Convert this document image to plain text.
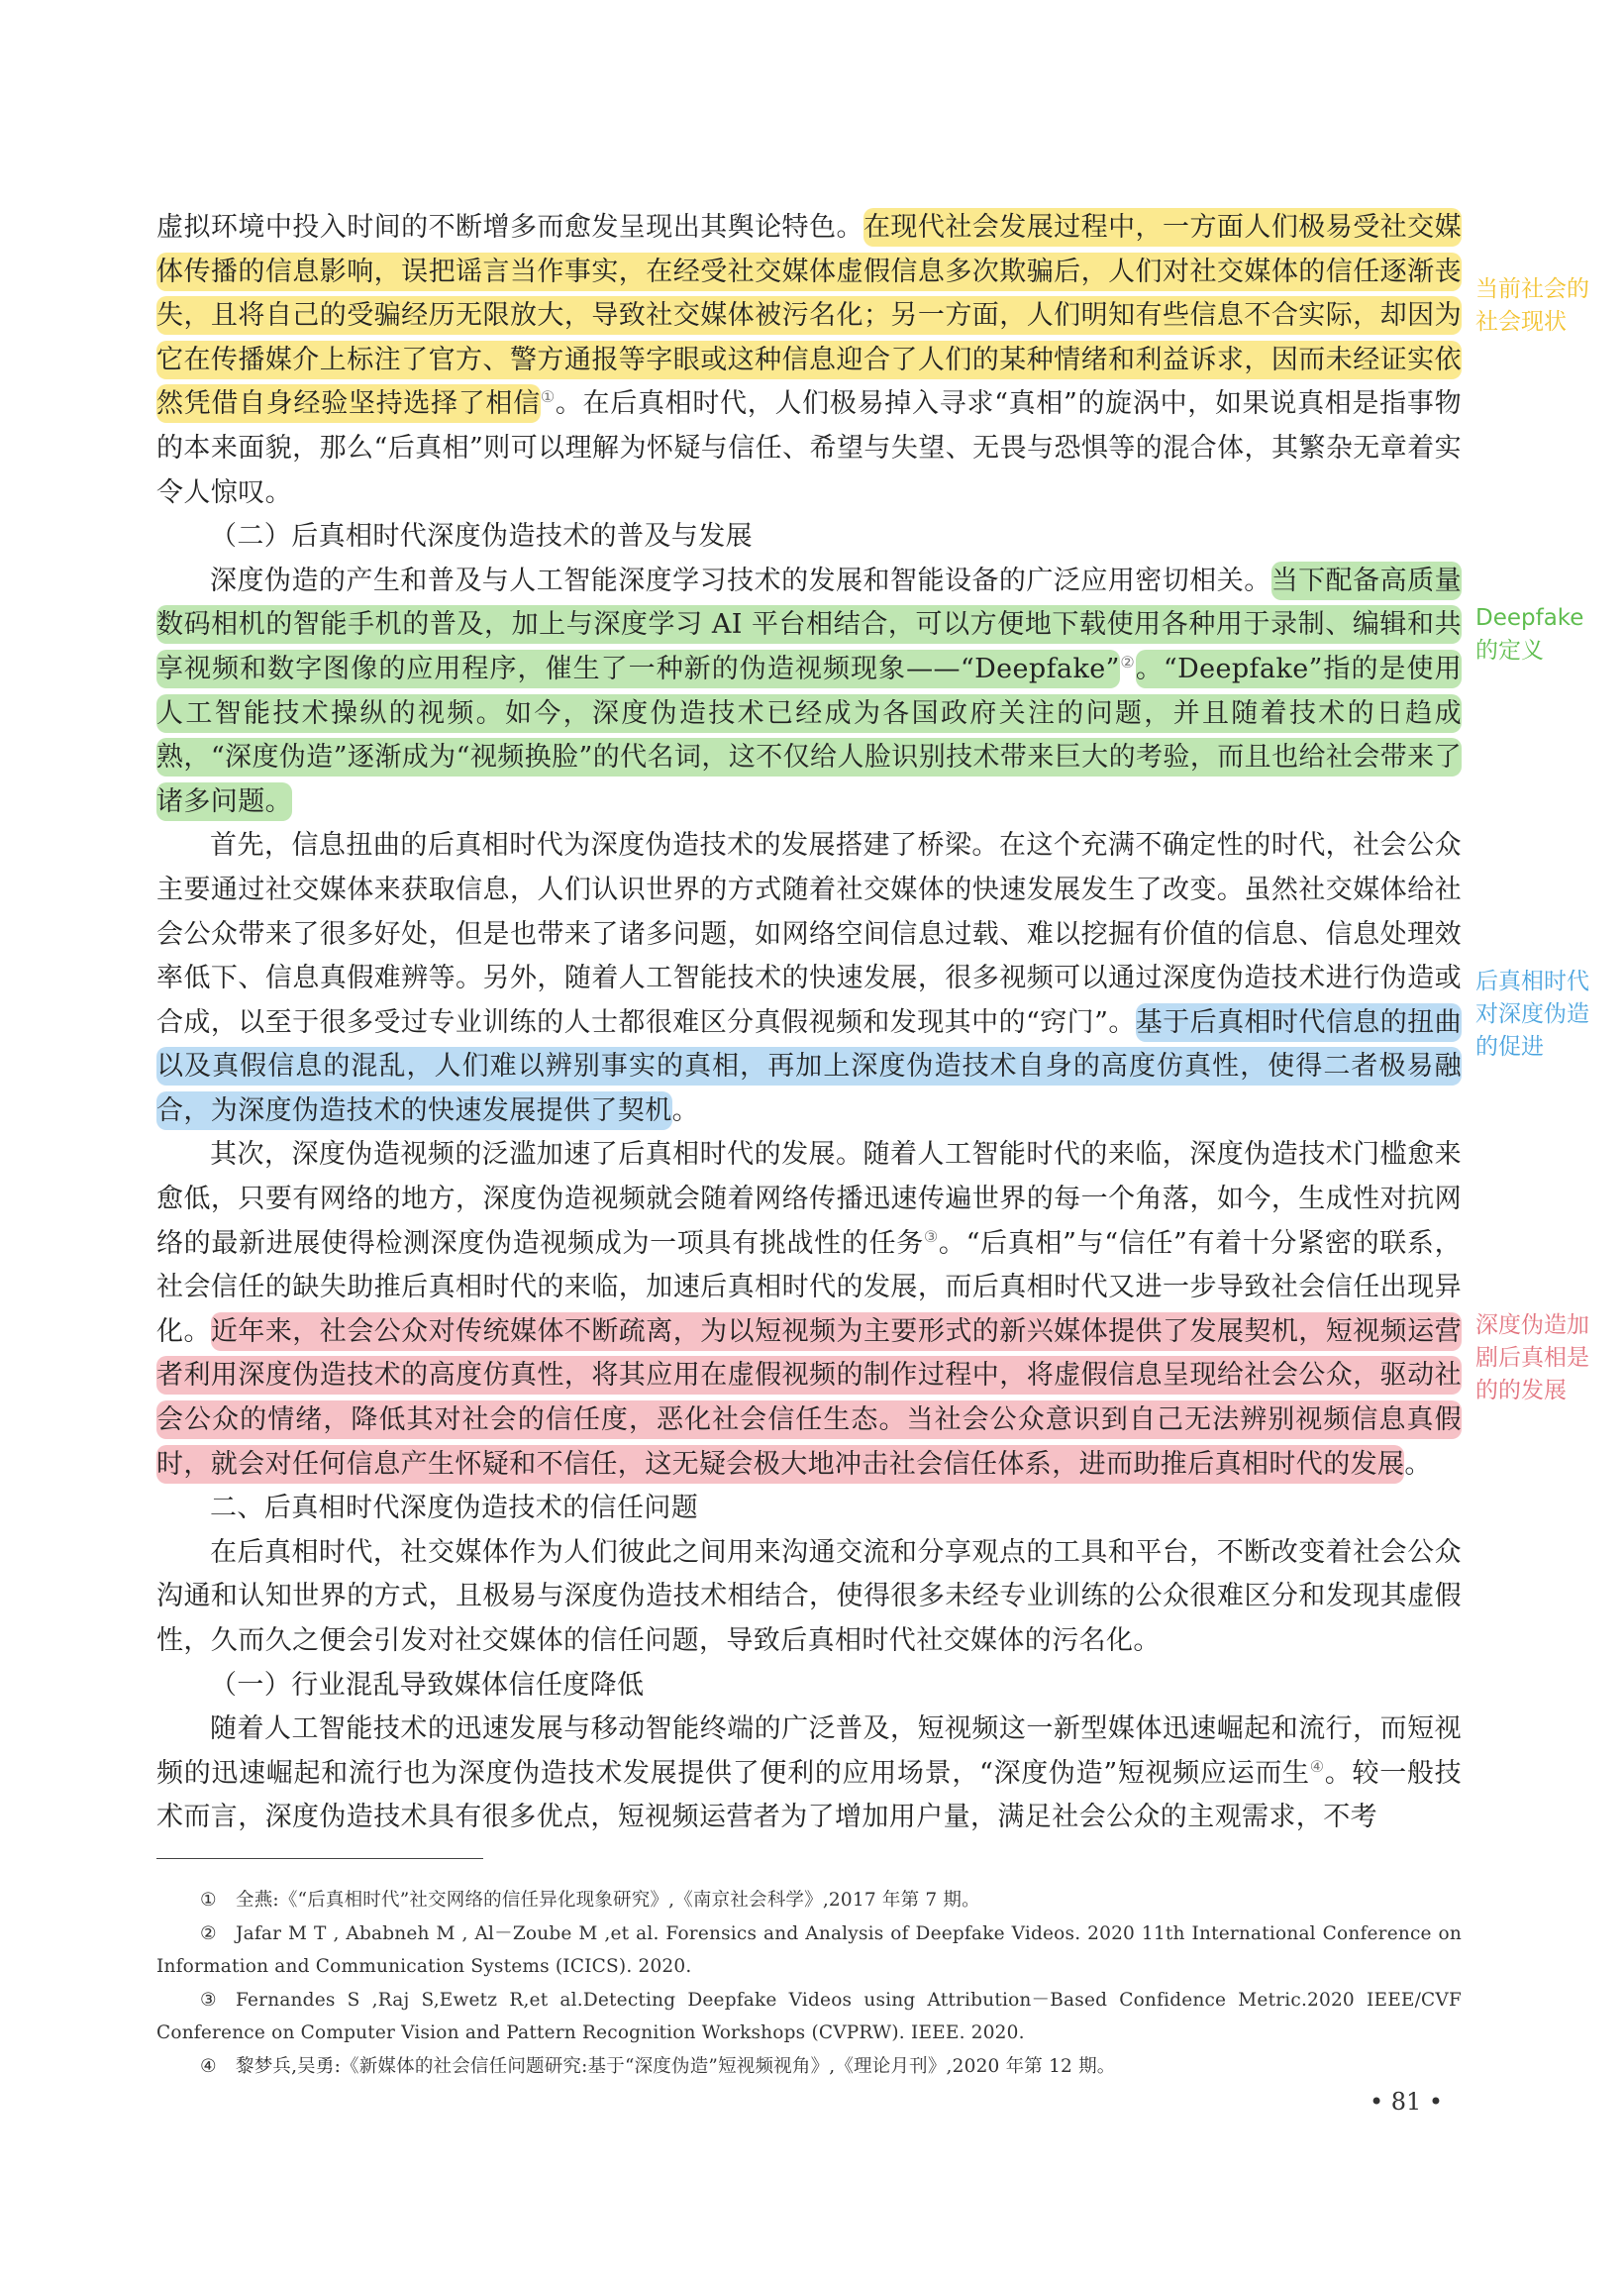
虚拟环境中投入时间的不断增多而愈发呈现出其舆论特色。在现代社会发展过程中，一方面人们极易受社交媒体传播的信息影响，误把谣言当作事实，在经受社交媒体虚假信息多次欺骗后，人们对社交媒体的信任逐渐丧失，且将自己的受骗经历无限放大，导致社交媒体被污名化；另一方面，人们明知有些信息不合实际，却因为它在传播媒介上标注了官方、警方通报等字眼或这种信息迎合了人们的某种情绪和利益诉求，因而未经证实依然凭借自身经验坚持选择了相信①。在后真相时代，人们极易掉入寻求“真相”的旋涡中，如果说真相是指事物的本来面貌，那么“后真相”则可以理解为怀疑与信任、希望与失望、无畏与恐惧等的混合体，其繁杂无章着实令人惊叹。

（二）后真相时代深度伪造技术的普及与发展

深度伪造的产生和普及与人工智能深度学习技术的发展和智能设备的广泛应用密切相关。当下配备高质量数码相机的智能手机的普及，加上与深度学习 AI 平台相结合，可以方便地下载使用各种用于录制、编辑和共享视频和数字图像的应用程序，催生了一种新的伪造视频现象——“Deepfake”②。“Deepfake”指的是使用人工智能技术操纵的视频。如今，深度伪造技术已经成为各国政府关注的问题，并且随着技术的日趋成熟，“深度伪造”逐渐成为“视频换脸”的代名词，这不仅给人脸识别技术带来巨大的考验，而且也给社会带来了诸多问题。

首先，信息扭曲的后真相时代为深度伪造技术的发展搭建了桥梁。在这个充满不确定性的时代，社会公众主要通过社交媒体来获取信息，人们认识世界的方式随着社交媒体的快速发展发生了改变。虽然社交媒体给社会公众带来了很多好处，但是也带来了诸多问题，如网络空间信息过载、难以挖掘有价值的信息、信息处理效率低下、信息真假难辨等。另外，随着人工智能技术的快速发展，很多视频可以通过深度伪造技术进行伪造或合成，以至于很多受过专业训练的人士都很难区分真假视频和发现其中的“窍门”。基于后真相时代信息的扭曲以及真假信息的混乱，人们难以辨别事实的真相，再加上深度伪造技术自身的高度仿真性，使得二者极易融合，为深度伪造技术的快速发展提供了契机。

其次，深度伪造视频的泛滥加速了后真相时代的发展。随着人工智能时代的来临，深度伪造技术门槛愈来愈低，只要有网络的地方，深度伪造视频就会随着网络传播迅速传遍世界的每一个角落，如今，生成性对抗网络的最新进展使得检测深度伪造视频成为一项具有挑战性的任务③。“后真相”与“信任”有着十分紧密的联系，社会信任的缺失助推后真相时代的来临，加速后真相时代的发展，而后真相时代又进一步导致社会信任出现异化。近年来，社会公众对传统媒体不断疏离，为以短视频为主要形式的新兴媒体提供了发展契机，短视频运营者利用深度伪造技术的高度仿真性，将其应用在虚假视频的制作过程中，将虚假信息呈现给社会公众，驱动社会公众的情绪，降低其对社会的信任度，恶化社会信任生态。当社会公众意识到自己无法辨别视频信息真假时，就会对任何信息产生怀疑和不信任，这无疑会极大地冲击社会信任体系，进而助推后真相时代的发展。

二、后真相时代深度伪造技术的信任问题

在后真相时代，社交媒体作为人们彼此之间用来沟通交流和分享观点的工具和平台，不断改变着社会公众沟通和认知世界的方式，且极易与深度伪造技术相结合，使得很多未经专业训练的公众很难区分和发现其虚假性，久而久之便会引发对社交媒体的信任问题，导致后真相时代社交媒体的污名化。

（一）行业混乱导致媒体信任度降低

随着人工智能技术的迅速发展与移动智能终端的广泛普及，短视频这一新型媒体迅速崛起和流行，而短视频的迅速崛起和流行也为深度伪造技术发展提供了便利的应用场景，“深度伪造”短视频应运而生④。较一般技术而言，深度伪造技术具有很多优点，短视频运营者为了增加用户量，满足社会公众的主观需求，不考

当前社会的社会现状
Deepfake的定义
后真相时代对深度伪造的促进
深度伪造加剧后真相是的的发展

① 全燕:《“后真相时代”社交网络的信任异化现象研究》,《南京社会科学》,2017 年第 7 期。

② Jafar M T , Ababneh M , Al－Zoube M ,et al. Forensics and Analysis of Deepfake Videos. 2020 11th International Conference on Information and Communication Systems (ICICS). 2020.

③ Fernandes S ,Raj S,Ewetz R,et al.Detecting Deepfake Videos using Attribution－Based Confidence Metric.2020 IEEE/CVF Conference on Computer Vision and Pattern Recognition Workshops (CVPRW). IEEE. 2020.

④ 黎梦兵,吴勇:《新媒体的社会信任问题研究:基于“深度伪造”短视频视角》,《理论月刊》,2020 年第 12 期。

• 81 •
